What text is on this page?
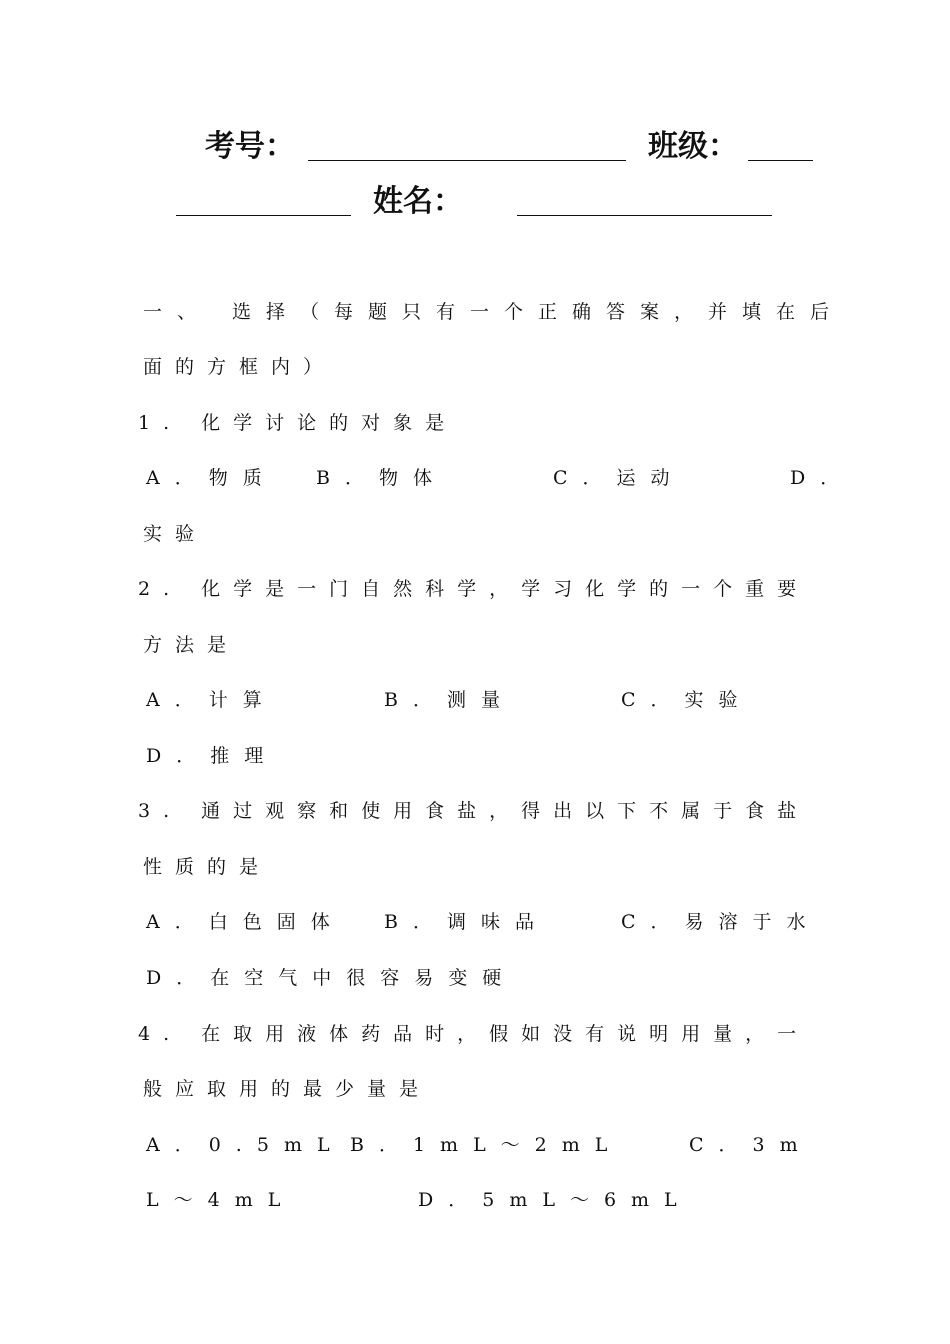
考号：	班级：
姓名：
一、 选择（每题只有一个正确答案，并填在后
面的方框内）
1. 化学讨论的对象是
A．物质 B．物体	C．运动	D．
实验
2. 化学是一门自然科学，学习化学的一个重要
方法是
A．计算	B．测量	C．实验
D．推理
3. 通过观察和使用食盐，得出以下不属于食盐
性质的是
A．白色固体 B．调味品	C．易溶于水
D．在空气中很容易变硬
4. 在取用液体药品时，假如没有说明用量，一
般应取用的最少量是
A．0.5mL B．1mL～2mL	C．3m
L～4mL	D．5mL～6mL
